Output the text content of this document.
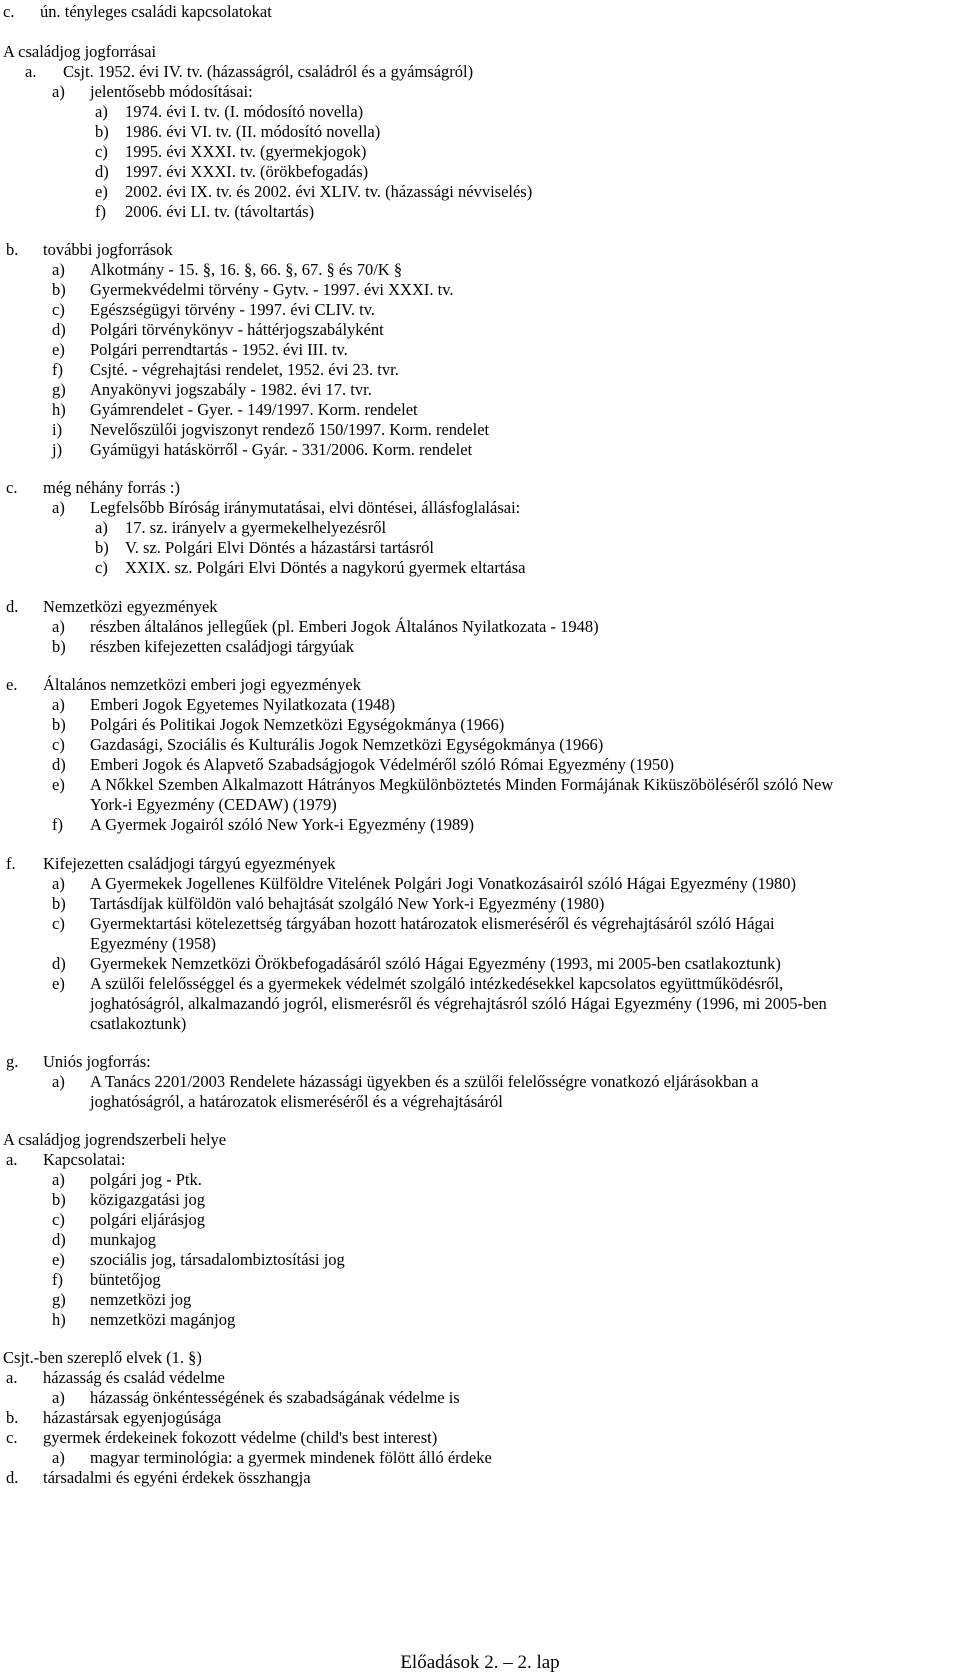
c. ún. tényleges családi kapcsolatokat
A családjog jogforrásai
a. Csjt. 1952. évi IV. tv. (házasságról, családról és a gyámságról)
a) jelentősebb módosításai:
a) 1974. évi I. tv. (I. módosító novella)
b) 1986. évi VI. tv. (II. módosító novella)
c) 1995. évi XXXI. tv. (gyermekjogok)
d) 1997. évi XXXI. tv. (örökbefogadás)
e) 2002. évi IX. tv. és 2002. évi XLIV. tv. (házassági névviselés)
f) 2006. évi LI. tv. (távoltartás)
b. további jogforrások
a) Alkotmány - 15. §, 16. §, 66. §, 67. § és 70/K §
b) Gyermekvédelmi törvény - Gytv. - 1997. évi XXXI. tv.
c) Egészségügyi törvény - 1997. évi CLIV. tv.
d) Polgári törvénykönyv - háttérjogszabályként
e) Polgári perrendtartás - 1952. évi III. tv.
f) Csjté. - végrehajtási rendelet, 1952. évi 23. tvr.
g) Anyakönyvi jogszabály - 1982. évi 17. tvr.
h) Gyámrendelet - Gyer. - 149/1997. Korm. rendelet
i) Nevelőszülői jogviszonyt rendező 150/1997. Korm. rendelet
j) Gyámügyi hatáskörről - Gyár. - 331/2006. Korm. rendelet
c. még néhány forrás :)
a) Legfelsőbb Bíróság iránymutatásai, elvi döntései, állásfoglalásai:
a) 17. sz. irányelv a gyermekelhelyezésről
b) V. sz. Polgári Elvi Döntés a házastársi tartásról
c) XXIX. sz. Polgári Elvi Döntés a nagykorú gyermek eltartása
d. Nemzetközi egyezmények
a) részben általános jellegűek (pl. Emberi Jogok Általános Nyilatkozata - 1948)
b) részben kifejezetten családjogi tárgyúak
e. Általános nemzetközi emberi jogi egyezmények
a) Emberi Jogok Egyetemes Nyilatkozata (1948)
b) Polgári és Politikai Jogok Nemzetközi Egységokmánya (1966)
c) Gazdasági, Szociális és Kulturális Jogok Nemzetközi Egységokmánya (1966)
d) Emberi Jogok és Alapvető Szabadságjogok Védelméről szóló Római Egyezmény (1950)
e) A Nőkkel Szemben Alkalmazott Hátrányos Megkülönböztetés Minden Formájának Kiküszöböléséről szóló New
York-i Egyezmény (CEDAW) (1979)
f) A Gyermek Jogairól szóló New York-i Egyezmény (1989)
f. Kifejezetten családjogi tárgyú egyezmények
a) A Gyermekek Jogellenes Külföldre Vitelének Polgári Jogi Vonatkozásairól szóló Hágai Egyezmény (1980)
b) Tartásdíjak külföldön való behajtását szolgáló New York-i Egyezmény (1980)
c) Gyermektartási kötelezettség tárgyában hozott határozatok elismeréséről és végrehajtásáról szóló Hágai
Egyezmény (1958)
d) Gyermekek Nemzetközi Örökbefogadásáról szóló Hágai Egyezmény (1993, mi 2005-ben csatlakoztunk)
e) A szülői felelősséggel és a gyermekek védelmét szolgáló intézkedésekkel kapcsolatos együttműködésről,
joghatóságról, alkalmazandó jogról, elismerésről és végrehajtásról szóló Hágai Egyezmény (1996, mi 2005-ben
csatlakoztunk)
g. Uniós jogforrás:
a) A Tanács 2201/2003 Rendelete házassági ügyekben és a szülői felelősségre vonatkozó eljárásokban a
joghatóságról, a határozatok elismeréséről és a végrehajtásáról
A családjog jogrendszerbeli helye
a. Kapcsolatai:
a) polgári jog - Ptk.
b) közigazgatási jog
c) polgári eljárásjog
d) munkajog
e) szociális jog, társadalombiztosítási jog
f) büntetőjog
g) nemzetközi jog
h) nemzetközi magánjog
Csjt.-ben szereplő elvek (1. §)
a. házasság és család védelme
a) házasság önkéntességének és szabadságának védelme is
b. házastársak egyenjogúsága
c. gyermek érdekeinek fokozott védelme (child's best interest)
a) magyar terminológia: a gyermek mindenek fölött álló érdeke
d. társadalmi és egyéni érdekek összhangja
Előadások 2. – 2. lap
